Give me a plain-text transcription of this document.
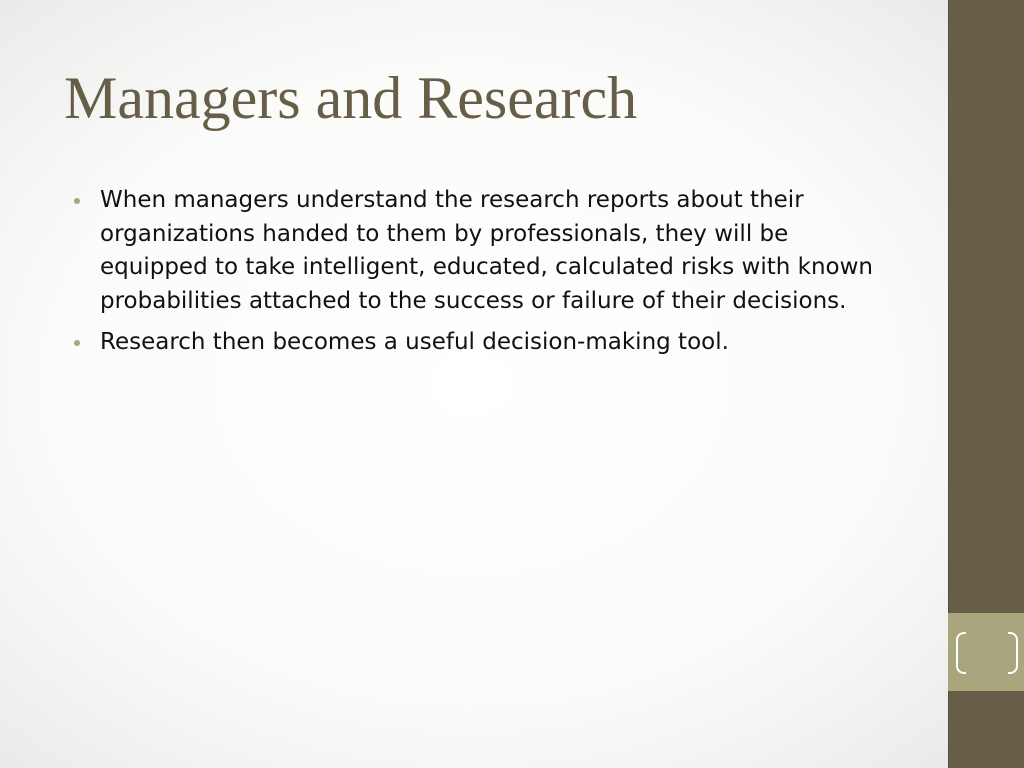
Managers and Research
When managers understand the research reports about their organizations handed to them by professionals, they will be equipped to take intelligent, educated, calculated risks with known probabilities attached to the success or failure of their decisions.
Research then becomes a useful decision-making tool.
